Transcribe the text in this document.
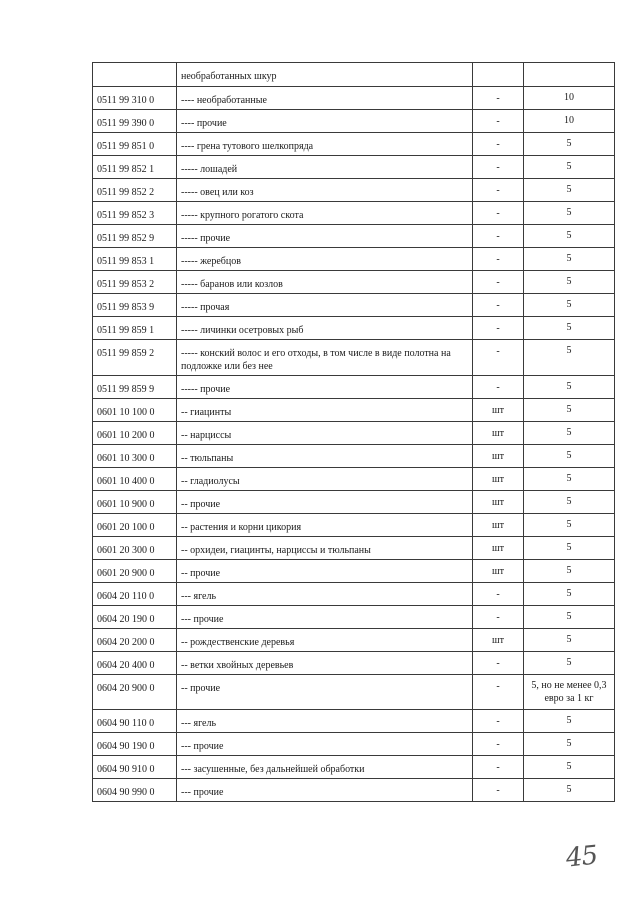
	необработанных шкур		
0511 99 310 0	---- необработанные	-	10
0511 99 390 0	---- прочие	-	10
0511 99 851 0	---- грена тутового шелкопряда	-	5
0511 99 852 1	----- лошадей	-	5
0511 99 852 2	----- овец или коз	-	5
0511 99 852 3	----- крупного рогатого скота	-	5
0511 99 852 9	----- прочие	-	5
0511 99 853 1	----- жеребцов	-	5
0511 99 853 2	----- баранов или козлов	-	5
0511 99 853 9	----- прочая	-	5
0511 99 859 1	----- личинки осетровых рыб	-	5
0511 99 859 2	----- конский волос и его отходы, в том числе в виде полотна на подложке или без нее	-	5
0511 99 859 9	----- прочие	-	5
0601 10 100 0	-- гиацинты	шт	5
0601 10 200 0	-- нарциссы	шт	5
0601 10 300 0	-- тюльпаны	шт	5
0601 10 400 0	-- гладиолусы	шт	5
0601 10 900 0	-- прочие	шт	5
0601 20 100 0	-- растения и корни цикория	шт	5
0601 20 300 0	-- орхидеи, гиацинты, нарциссы и тюльпаны	шт	5
0601 20 900 0	-- прочие	шт	5
0604 20 110 0	--- ягель	-	5
0604 20 190 0	--- прочие	-	5
0604 20 200 0	-- рождественские деревья	шт	5
0604 20 400 0	-- ветки хвойных деревьев	-	5
0604 20 900 0	-- прочие	-	5, но не менее 0,3 евро за 1 кг
0604 90 110 0	--- ягель	-	5
0604 90 190 0	--- прочие	-	5
0604 90 910 0	--- засушенные, без дальнейшей обработки	-	5
0604 90 990 0	--- прочие	-	5
45
